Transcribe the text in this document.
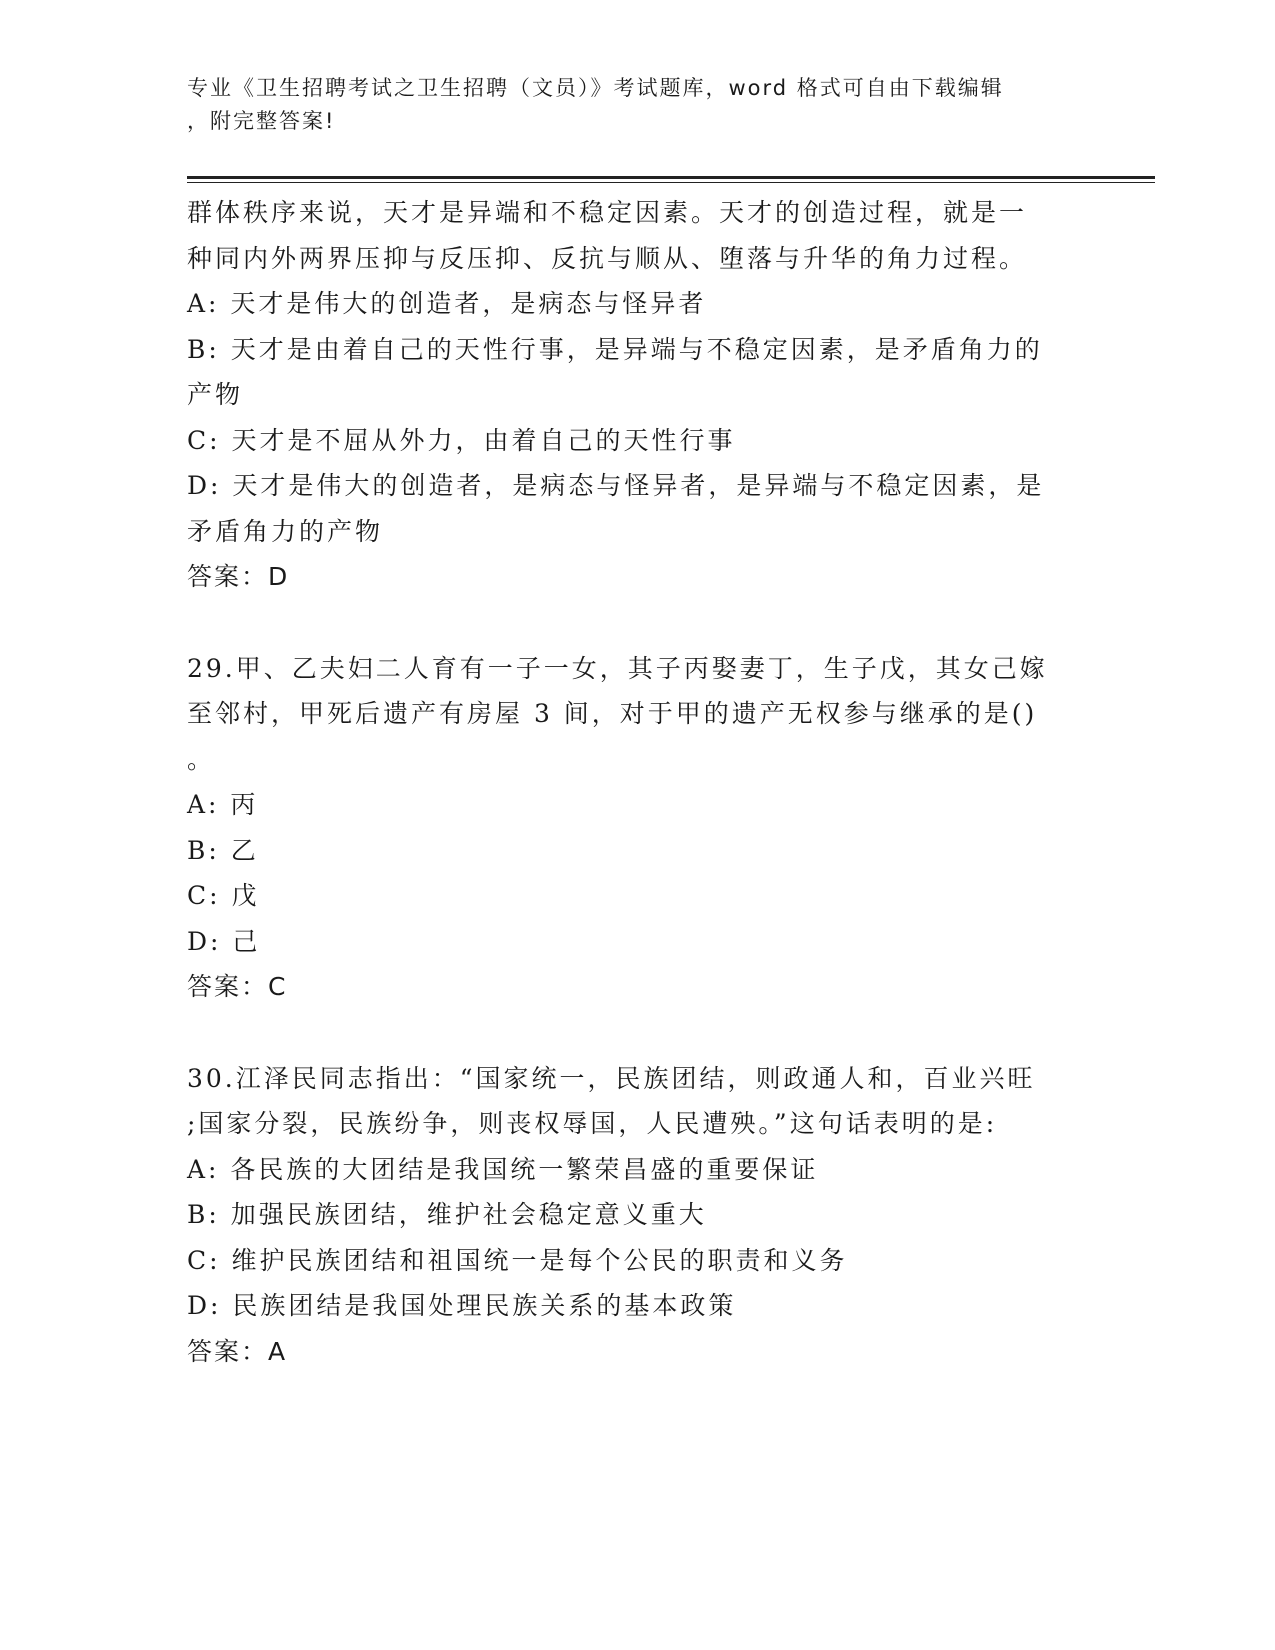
专业《卫生招聘考试之卫生招聘（文员）》考试题库，word 格式可自由下载编辑
，附完整答案!
群体秩序来说，天才是异端和不稳定因素。天才的创造过程，就是一
种同内外两界压抑与反压抑、反抗与顺从、堕落与升华的角力过程。
A: 天才是伟大的创造者，是病态与怪异者
B: 天才是由着自己的天性行事，是异端与不稳定因素，是矛盾角力的
产物
C: 天才是不屈从外力，由着自己的天性行事
D: 天才是伟大的创造者，是病态与怪异者，是异端与不稳定因素，是
矛盾角力的产物
答案：D
29.甲、乙夫妇二人育有一子一女，其子丙娶妻丁，生子戊，其女己嫁
至邻村，甲死后遗产有房屋 3 间，对于甲的遗产无权参与继承的是()
。
A: 丙
B: 乙
C: 戊
D: 己
答案：C
30.江泽民同志指出：“国家统一，民族团结，则政通人和，百业兴旺
;国家分裂，民族纷争，则丧权辱国，人民遭殃。”这句话表明的是:
A: 各民族的大团结是我国统一繁荣昌盛的重要保证
B: 加强民族团结，维护社会稳定意义重大
C: 维护民族团结和祖国统一是每个公民的职责和义务
D: 民族团结是我国处理民族关系的基本政策
答案：A
